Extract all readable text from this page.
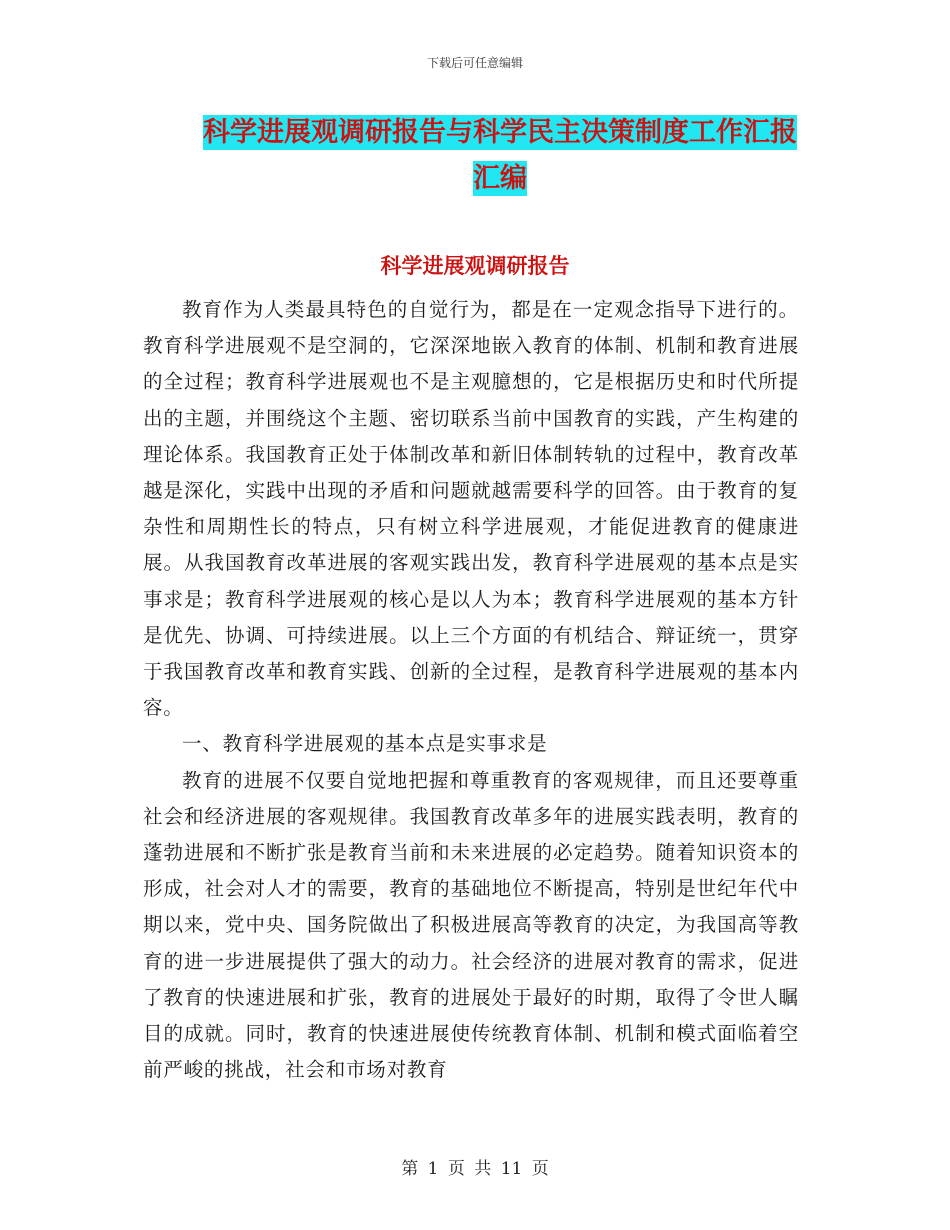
下载后可任意编辑
科学进展观调研报告与科学民主决策制度工作汇报汇编
科学进展观调研报告

教育作为人类最具特色的自觉行为，都是在一定观念指导下进行的。教育科学进展观不是空洞的，它深深地嵌入教育的体制、机制和教育进展的全过程；教育科学进展观也不是主观臆想的，它是根据历史和时代所提出的主题，并围绕这个主题、密切联系当前中国教育的实践，产生构建的理论体系。我国教育正处于体制改革和新旧体制转轨的过程中，教育改革越是深化，实践中出现的矛盾和问题就越需要科学的回答。由于教育的复杂性和周期性长的特点，只有树立科学进展观，才能促进教育的健康进展。从我国教育改革进展的客观实践出发，教育科学进展观的基本点是实事求是；教育科学进展观的核心是以人为本；教育科学进展观的基本方针是优先、协调、可持续进展。以上三个方面的有机结合、辩证统一，贯穿于我国教育改革和教育实践、创新的全过程，是教育科学进展观的基本内容。

一、教育科学进展观的基本点是实事求是

教育的进展不仅要自觉地把握和尊重教育的客观规律，而且还要尊重社会和经济进展的客观规律。我国教育改革多年的进展实践表明，教育的蓬勃进展和不断扩张是教育当前和未来进展的必定趋势。随着知识资本的形成，社会对人才的需要，教育的基础地位不断提高，特别是世纪年代中期以来，党中央、国务院做出了积极进展高等教育的决定，为我国高等教育的进一步进展提供了强大的动力。社会经济的进展对教育的需求，促进了教育的快速进展和扩张，教育的进展处于最好的时期，取得了令世人瞩目的成就。同时，教育的快速进展使传统教育体制、机制和模式面临着空前严峻的挑战，社会和市场对教育

第 1 页 共 11 页
